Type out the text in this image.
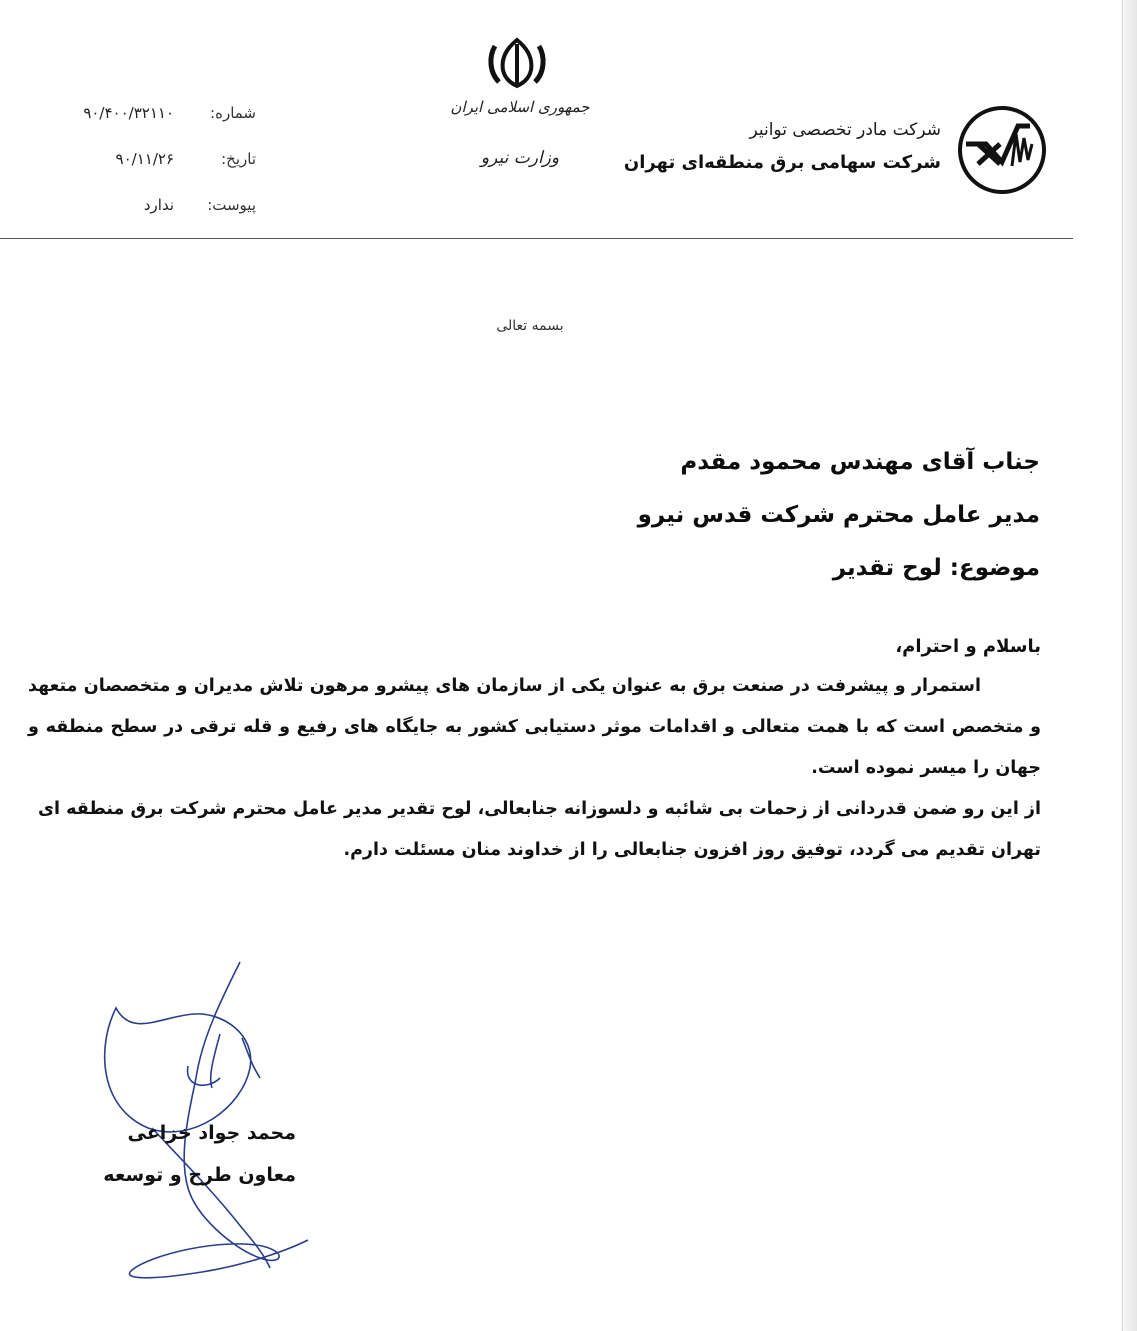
شرکت مادر تخصصی توانیر
شرکت سهامی برق منطقه‌ای تهران
جمهوری اسلامی ایران
وزارت نیرو
شماره:
۹۰/۴۰۰/۳۲۱۱۰
تاریخ:
۹۰/۱۱/۲۶
پیوست:
ندارد
بسمه تعالی
جناب آقای مهندس محمود مقدم
مدیر عامل محترم شرکت قدس نیرو
موضوع: لوح تقدیر
باسلام و احترام،

استمرار و پیشرفت در صنعت برق به عنوان یکی از سازمان های پیشرو مرهون تلاش مدیران و متخصصان متعهد و متخصص است که با همت متعالی و اقدامات موثر دستیابی کشور به جایگاه های رفیع و قله ترقی در سطح منطقه و جهان را میسر نموده است.

از این رو ضمن قدردانی از زحمات بی شائبه و دلسوزانه جنابعالی، لوح تقدیر مدیر عامل محترم شرکت برق منطقه ای تهران تقدیم می گردد، توفیق روز افزون جنابعالی را از خداوند منان مسئلت دارم.

محمد جواد خزاعی
معاون طرح و توسعه
